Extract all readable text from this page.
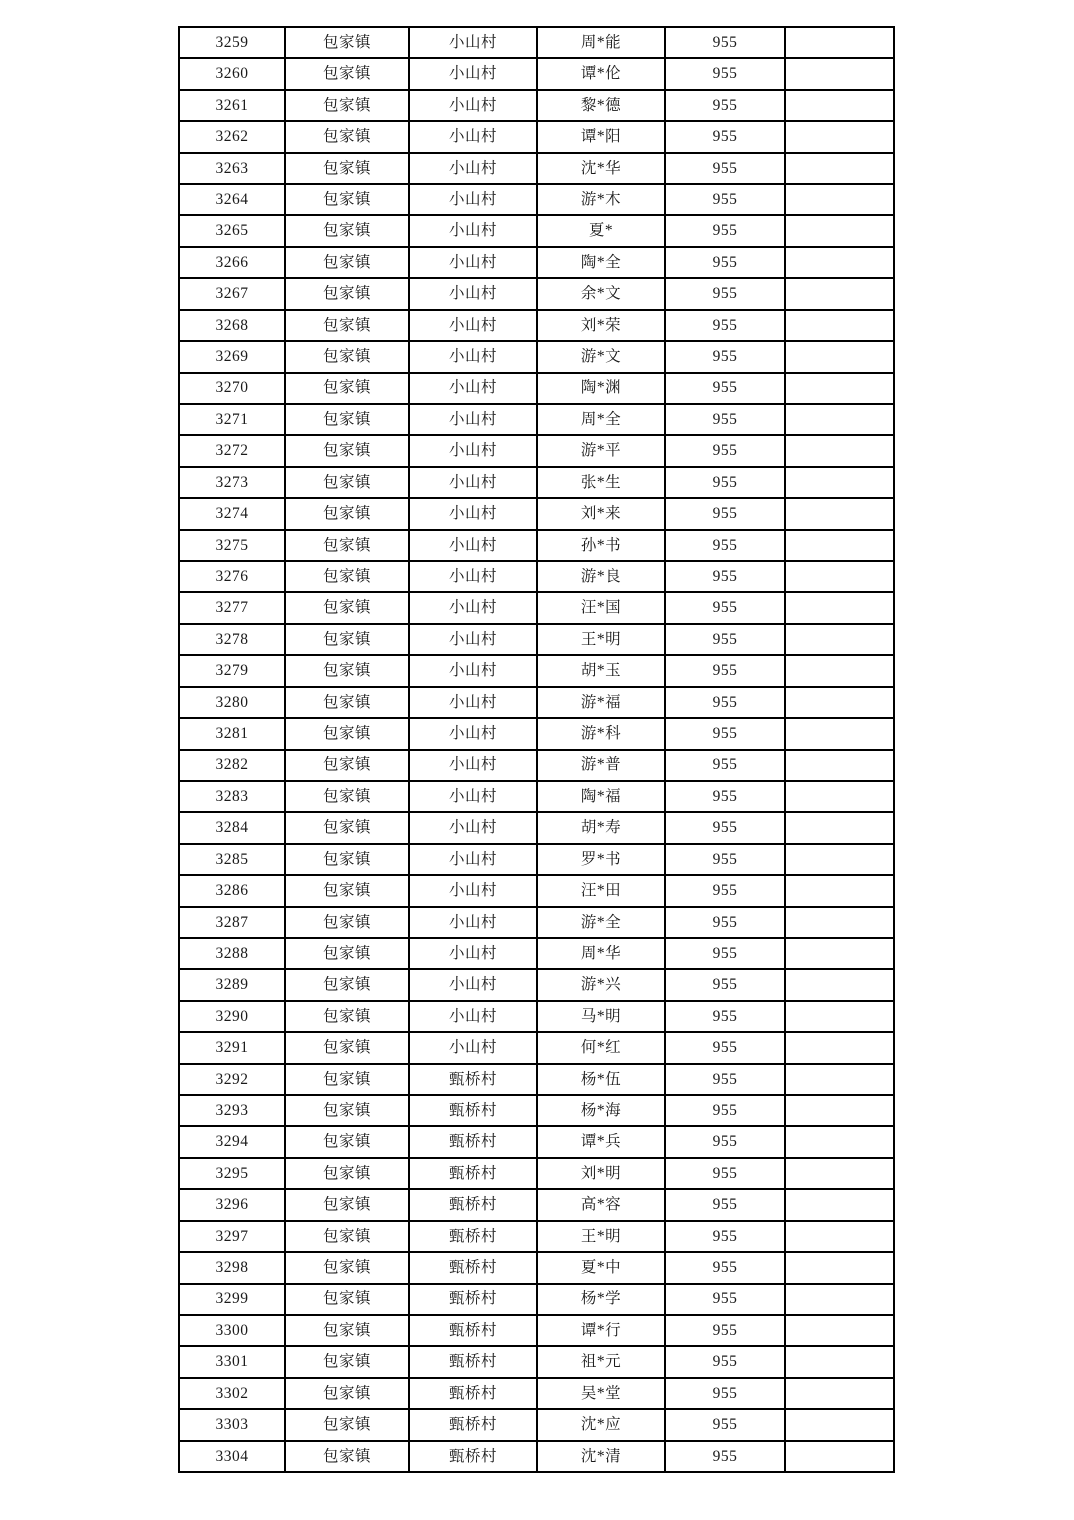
3259	包家镇	小山村	周*能	955
3260	包家镇	小山村	谭*伦	955
3261	包家镇	小山村	黎*德	955
3262	包家镇	小山村	谭*阳	955
3263	包家镇	小山村	沈*华	955
3264	包家镇	小山村	游*木	955
3265	包家镇	小山村	夏*	955
3266	包家镇	小山村	陶*全	955
3267	包家镇	小山村	余*文	955
3268	包家镇	小山村	刘*荣	955
3269	包家镇	小山村	游*文	955
3270	包家镇	小山村	陶*渊	955
3271	包家镇	小山村	周*全	955
3272	包家镇	小山村	游*平	955
3273	包家镇	小山村	张*生	955
3274	包家镇	小山村	刘*来	955
3275	包家镇	小山村	孙*书	955
3276	包家镇	小山村	游*良	955
3277	包家镇	小山村	汪*国	955
3278	包家镇	小山村	王*明	955
3279	包家镇	小山村	胡*玉	955
3280	包家镇	小山村	游*福	955
3281	包家镇	小山村	游*科	955
3282	包家镇	小山村	游*普	955
3283	包家镇	小山村	陶*福	955
3284	包家镇	小山村	胡*寿	955
3285	包家镇	小山村	罗*书	955
3286	包家镇	小山村	汪*田	955
3287	包家镇	小山村	游*全	955
3288	包家镇	小山村	周*华	955
3289	包家镇	小山村	游*兴	955
3290	包家镇	小山村	马*明	955
3291	包家镇	小山村	何*红	955
3292	包家镇	甄桥村	杨*伍	955
3293	包家镇	甄桥村	杨*海	955
3294	包家镇	甄桥村	谭*兵	955
3295	包家镇	甄桥村	刘*明	955
3296	包家镇	甄桥村	高*容	955
3297	包家镇	甄桥村	王*明	955
3298	包家镇	甄桥村	夏*中	955
3299	包家镇	甄桥村	杨*学	955
3300	包家镇	甄桥村	谭*行	955
3301	包家镇	甄桥村	祖*元	955
3302	包家镇	甄桥村	吴*堂	955
3303	包家镇	甄桥村	沈*应	955
3304	包家镇	甄桥村	沈*清	955
